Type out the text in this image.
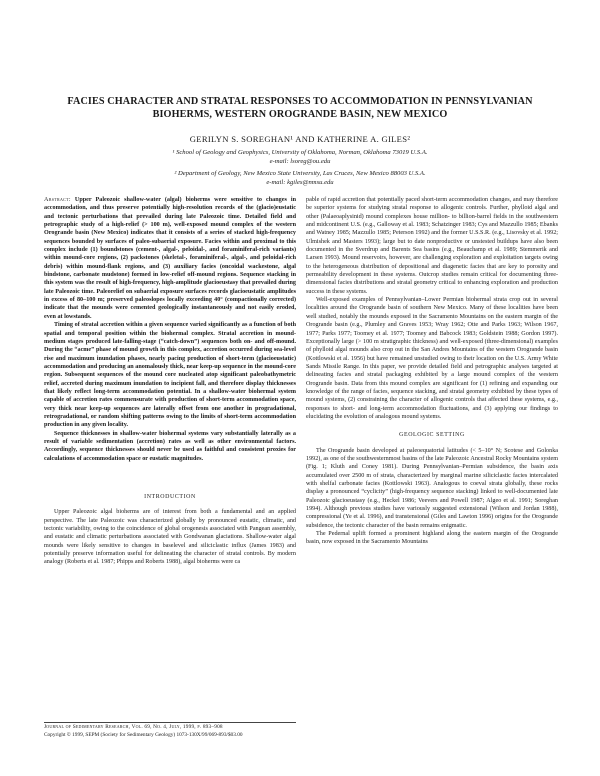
FACIES CHARACTER AND STRATAL RESPONSES TO ACCOMMODATION IN PENNSYLVANIAN BIOHERMS, WESTERN OROGRANDE BASIN, NEW MEXICO
GERILYN S. SOREGHAN¹ AND KATHERINE A. GILES²
¹ School of Geology and Geophysics, University of Oklahoma, Norman, Oklahoma 73019 U.S.A.
e-mail: lsoreg@ou.edu
² Department of Geology, New Mexico State University, Las Cruces, New Mexico 88003 U.S.A.
e-mail: kgiles@nmsu.edu

Abstract: Upper Paleozoic shallow-water (algal) bioherms were sensitive to changes in accommodation, and thus preserve potentially high-resolution records of the (glacio)eustatic and tectonic perturbations that prevailed during late Paleozoic time. Detailed field and petrographic study of a high-relief (> 100 m), well-exposed mound complex of the western Orogrande basin (New Mexico) indicates that it consists of a series of stacked high-frequency sequences bounded by surfaces of paleo-subaerial exposure. Facies within and proximal to this complex include (1) boundstones (cement-, algal-, peloidal-, and foraminiferal-rich variants) within mound-core regions, (2) packstones (skeletal-, foraminiferal-, algal-, and peloidal-rich debris) within mound-flank regions, and (3) auxiliary facies (oncoidal wackestone, algal bindstone, carbonate mudstone) formed in low-relief off-mound regions. Sequence stacking in this system was the result of high-frequency, high-amplitude glacioeustasy that prevailed during late Paleozoic time. Paleorelief on subaerial exposure surfaces records glacioeustatic amplitudes in excess of 80–100 m; preserved paleoslopes locally exceeding 40° (compactionally corrected) indicate that the mounds were cemented geologically instantaneously and not easily eroded, even at lowstands.

Timing of stratal accretion within a given sequence varied significantly as a function of both spatial and temporal position within the biohermal complex. Stratal accretion in mound-medium stages produced late-falling-stage (“catch-down”) sequences both on- and off-mound. During the “acme” phase of mound growth in this complex, accretion occurred during sea-level rise and maximum inundation phases, nearly pacing production of short-term (glacioeustatic) accommodation and producing an anomalously thick, near keep-up sequence in the mound-core region. Subsequent sequences of the mound core nucleated atop significant paleobathymetric relief, accreted during maximum inundation to incipient fall, and therefore display thicknesses that likely reflect long-term accommodation potential. In a shallow-water biohermal system capable of accretion rates commensurate with production of short-term accommodation space, very thick near keep-up sequences are laterally offset from one another in progradational, retrogradational, or random shifting patterns owing to the limits of short-term accommodation production in any given locality.

Sequence thicknesses in shallow-water biohermal systems vary substantially laterally as a result of variable sedimentation (accretion) rates as well as other environmental factors. Accordingly, sequence thicknesses should never be used as faithful and consistent proxies for calculations of accommodation space or eustatic magnitudes.

INTRODUCTION

Upper Paleozoic algal bioherms are of interest from both a fundamental and an applied perspective. The late Paleozoic was characterized globally by pronounced eustatic, climatic, and tectonic variability, owing to the coincidence of global orogenesis associated with Pangean assembly, and eustatic and climatic perturbations associated with Gondwanan glaciations. Shallow-water algal mounds were likely sensitive to changes in baselevel and siliciclastic influx (James 1983) and potentially preserve information useful for delineating the character of stratal controls. By modern analogy (Roberts et al. 1987; Phipps and Roberts 1988), algal bioherms were ca

Journal of Sedimentary Research, Vol. 69, No. 4, July, 1999, p. 893–908
Copyright © 1999, SEPM (Society for Sedimentary Geology) 1073-130X/99/069-893/$03.00

pable of rapid accretion that potentially paced short-term accommodation changes, and may therefore be superior systems for studying stratal response to allogenic controls. Further, phylloid algal and other (Palaeoaplysinid) mound complexes house million- to billion-barrel fields in the southwestern and midcontinent U.S. (e.g., Galloway et al. 1983; Schatzinger 1983; Cys and Mazzullo 1985; Ebanks and Watney 1985; Mazzullo 1985; Peterson 1992) and the former U.S.S.R. (e.g., Lisovsky et al. 1992; Ulmishek and Masters 1993); large but to date nonproductive or unstested buildups have also been documented in the Sverdrup and Barents Sea basins (e.g., Beauchamp et al. 1989; Stemmerik and Larsen 1993). Mound reservoirs, however, are challenging exploration and exploitation targets owing to the heterogeneous distribution of depositional and diagenetic facies that are key to porosity and permeability development in these systems. Outcrop studies remain critical for documenting three-dimensional facies distributions and stratal geometry critical to enhancing exploration and production success in these systems.

Well-exposed examples of Pennsylvanian–Lower Permian biohermal strata crop out in several localities around the Orogrande basin of southern New Mexico. Many of these localities have been well studied, notably the mounds exposed in the Sacramento Mountains on the eastern margin of the Orogrande basin (e.g., Plumley and Graves 1953; Wray 1962; Otte and Parks 1963; Wilson 1967, 1977; Parks 1977; Toomey et al. 1977; Toomey and Babcock 1983; Goldstein 1988; Gordon 1997). Exceptionally large (> 100 m stratigraphic thickness) and well-exposed (three-dimensional) examples of phylloid algal mounds also crop out in the San Andres Mountains of the western Orogrande basin (Kottlowski et al. 1956) but have remained unstudied owing to their location on the U.S. Army White Sands Missile Range. In this paper, we provide detailed field and petrographic analyses targeted at delineating facies and stratal packaging exhibited by a large mound complex of the western Orogrande basin. Data from this mound complex are significant for (1) refining and expanding our knowledge of the range of facies, sequence stacking, and stratal geometry exhibited by these types of mound systems, (2) constraining the character of allogenic controls that affected these systems, e.g., responses to short- and long-term accommodation fluctuations, and (3) applying our findings to elucidating the evolution of analogous mound systems.

GEOLOGIC SETTING

The Orogrande basin developed at paleoequatorial latitudes (< 5–10° N; Scotese and Golonka 1992), as one of the southwesternmost basins of the late Paleozoic Ancestral Rocky Mountains system (Fig. 1; Kluth and Coney 1981). During Pennsylvanian–Permian subsidence, the basin axis accumulated over 2500 m of strata, characterized by marginal marine siliciclastic facies intercalated with shelfal carbonate facies (Kottlowski 1963). Analogous to coeval strata globally, these rocks display a pronounced “cyclicity” (high-frequency sequence stacking) linked to well-documented late Paleozoic glacioeustasy (e.g., Heckel 1986; Veevers and Powell 1987; Algeo et al. 1991; Soreghan 1994). Although previous studies have variously suggested extensional (Wilson and Jordan 1988), compressional (Ye et al. 1996), and transtensional (Giles and Lawton 1996) origins for the Orogrande subsidence, the tectonic character of the basin remains enigmatic.

The Pedernal uplift formed a prominent highland along the eastern margin of the Orogrande basin, now exposed in the Sacramento Mountains
